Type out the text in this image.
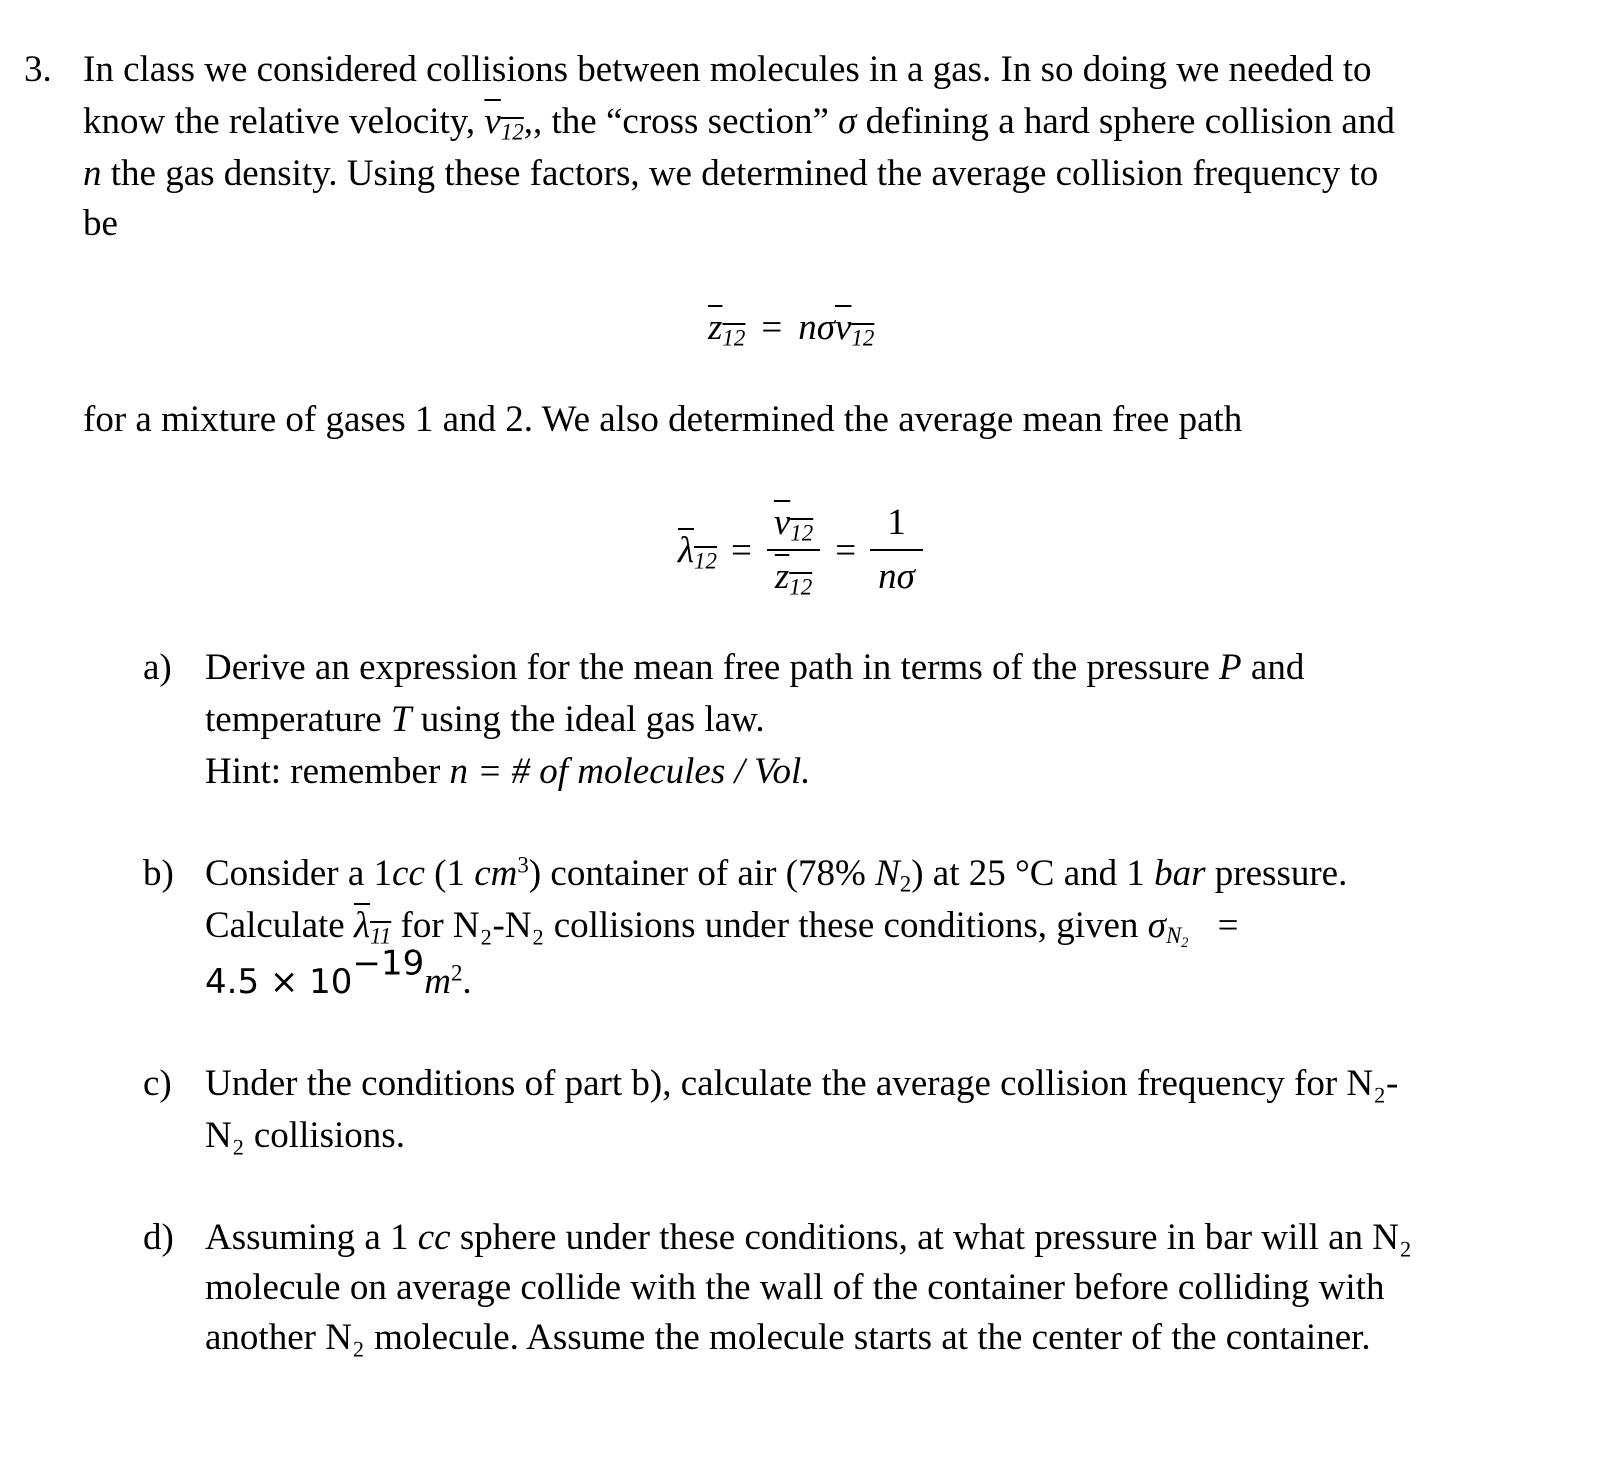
3. In class we considered collisions between molecules in a gas. In so doing we needed to
know the relative velocity, $v_{12}$,, the “cross section” σ defining a hard sphere collision and
n the gas density. Using these factors, we determined the average collision frequency to
be
$z_{12} = n$ σ $v_{12}$
for a mixture of gases 1 and 2. We also determined the average mean free path
$\lambda_{12} = \frac{v_{12}}{z_{12}} = \frac{1}{n\sigma}$
a) Derive an expression for the mean free path in terms of the pressure P and
temperature T using the ideal gas law.
Hint: remember n = # of molecules / Vol.
b) Consider a 1cc (1 $cm^3$) container of air (78% $N_2$) at 25 °C and 1 bar pressure.
Calculate $\lambda_{11}$ for N₂-N₂ collisions under these conditions, given $\sigma_{N_2}$ =
$4.5 \times 10^{-19}m^2$.
c) Under the conditions of part b), calculate the average collision frequency for N₂-
N₂ collisions.
d) Assuming a 1 cc sphere under these conditions, at what pressure in bar will an N₂
molecule on average collide with the wall of the container before colliding with
another N₂ molecule. Assume the molecule starts at the center of the container.
